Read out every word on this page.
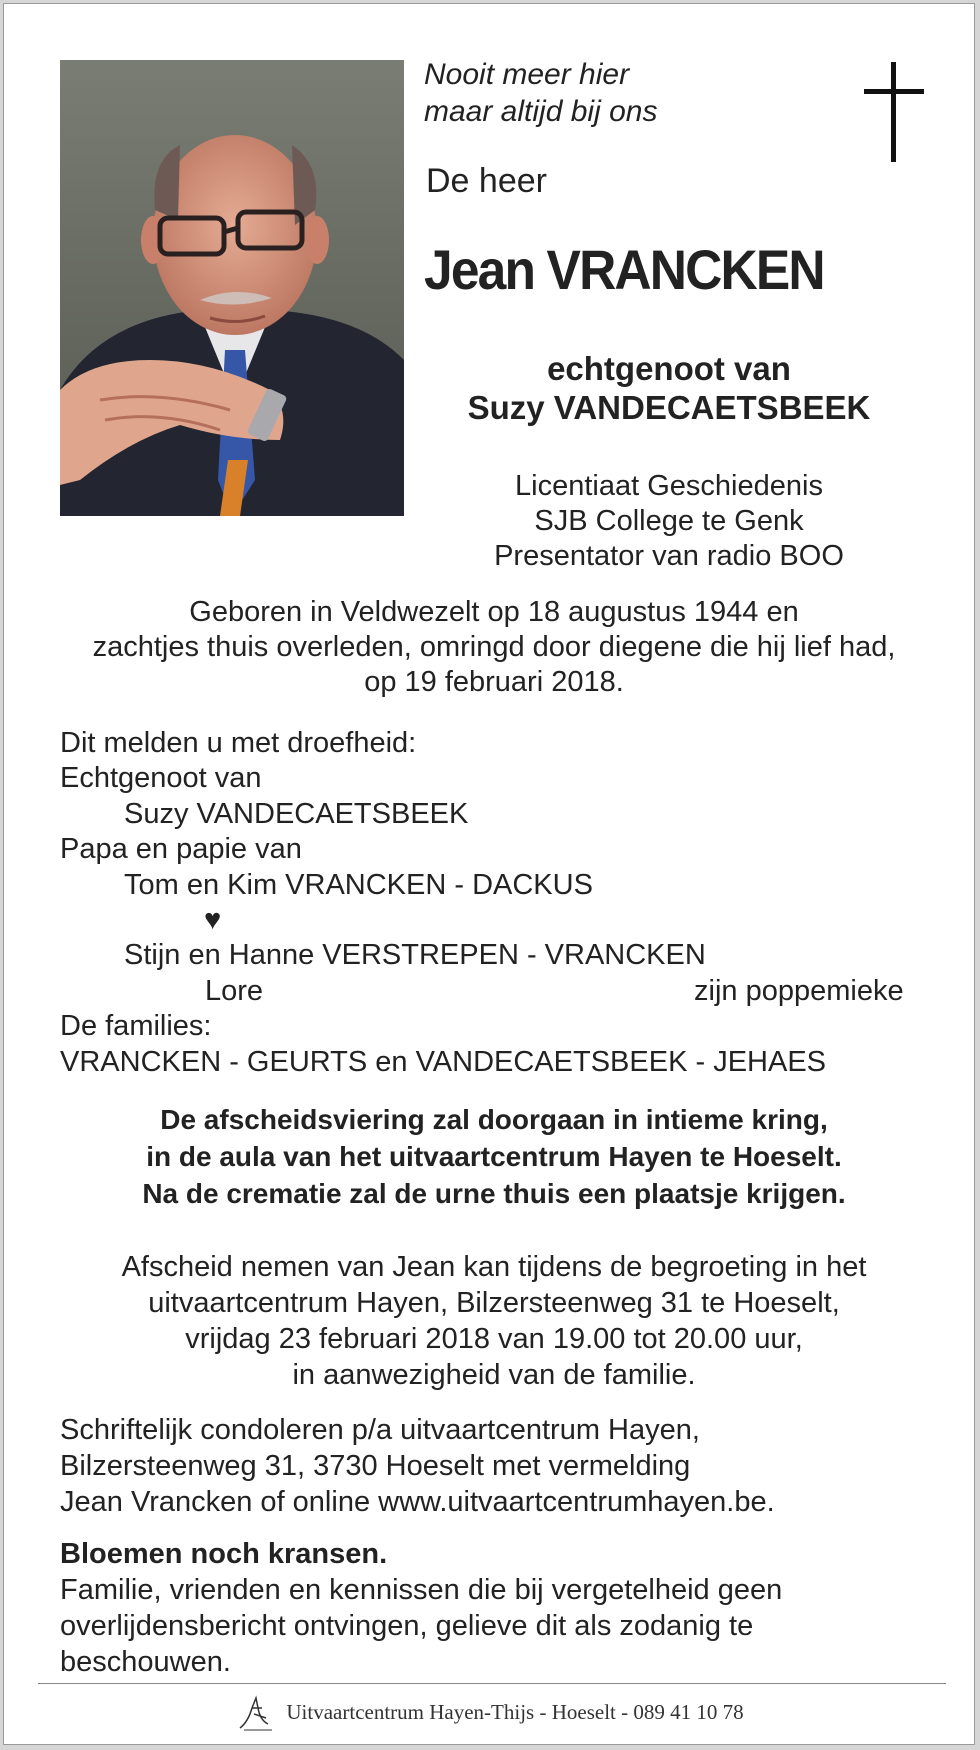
Nooit meer hier
maar altijd bij ons
De heer
Jean VRANCKEN
echtgenoot van
Suzy VANDECAETSBEEK
Licentiaat Geschiedenis
SJB College te Genk
Presentator van radio BOO
Geboren in Veldwezelt op 18 augustus 1944 en
zachtjes thuis overleden, omringd door diegene die hij lief had,
op 19 februari 2018.
Dit melden u met droefheid:
Echtgenoot van
Suzy VANDECAETSBEEK
Papa en papie van
Tom en Kim VRANCKEN - DACKUS
♥
Stijn en Hanne VERSTREPEN - VRANCKEN
Lore	zijn poppemieke
De families:
VRANCKEN - GEURTS en VANDECAETSBEEK - JEHAES
De afscheidsviering zal doorgaan in intieme kring,
in de aula van het uitvaartcentrum Hayen te Hoeselt.
Na de crematie zal de urne thuis een plaatsje krijgen.
Afscheid nemen van Jean kan tijdens de begroeting in het
uitvaartcentrum Hayen, Bilzersteenweg 31 te Hoeselt,
vrijdag 23 februari 2018 van 19.00 tot 20.00 uur,
in aanwezigheid van de familie.
Schriftelijk condoleren p/a uitvaartcentrum Hayen,
Bilzersteenweg 31, 3730 Hoeselt met vermelding
Jean Vrancken of online www.uitvaartcentrumhayen.be.
Bloemen noch kransen.
Familie, vrienden en kennissen die bij vergetelheid geen
overlijdensbericht ontvingen, gelieve dit als zodanig te
beschouwen.
Uitvaartcentrum Hayen-Thijs - Hoeselt - 089 41 10 78
